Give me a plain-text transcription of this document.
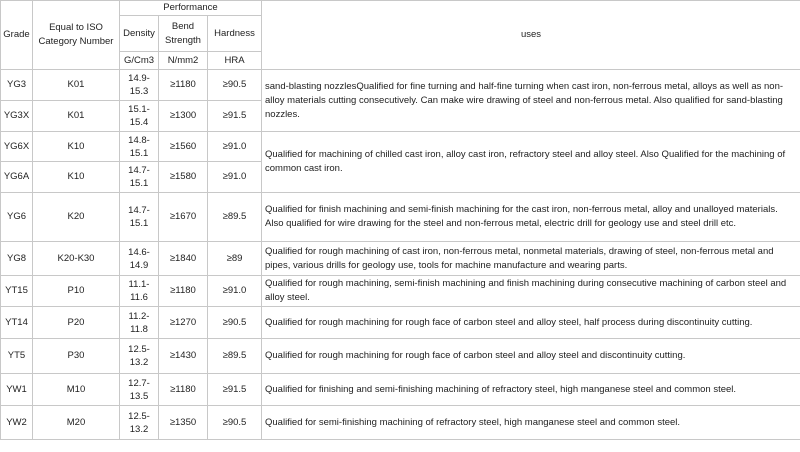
Grade	Equal to ISO Category Number	Performance			uses
		Density	Bend Strength	Hardness	
		G/Cm3	N/mm2	HRA	
YG3	K01	14.9-15.3	≥1180	≥90.5	sand-blasting nozzlesQualified for fine turning and half-fine turning when cast iron, non-ferrous metal, alloys as well as non-alloy materials cutting consecutively. Can make wire drawing of steel and non-ferrous metal. Also qualified for sand-blasting nozzles.
YG3X	K01	15.1-15.4	≥1300	≥91.5	
YG6X	K10	14.8-15.1	≥1560	≥91.0	Qualified for machining of chilled cast iron, alloy cast iron, refractory steel and alloy steel. Also Qualified for the machining of common cast iron.
YG6A	K10	14.7-15.1	≥1580	≥91.0	
YG6	K20	14.7-15.1	≥1670	≥89.5	Qualified for finish machining and semi-finish machining for the cast iron, non-ferrous metal, alloy and unalloyed materials. Also qualified for wire drawing for the steel and non-ferrous metal, electric drill for geology use and steel drill etc.
YG8	K20-K30	14.6-14.9	≥1840	≥89	Qualified for rough machining of cast iron, non-ferrous metal, nonmetal materials, drawing of steel, non-ferrous metal and pipes, various drills for geology use, tools for machine manufacture and wearing parts.
YT15	P10	11.1-11.6	≥1180	≥91.0	Qualified for rough machining, semi-finish machining and finish machining during consecutive machining of carbon steel and alloy steel.
YT14	P20	11.2-11.8	≥1270	≥90.5	Qualified for rough machining for rough face of carbon steel and alloy steel, half process during discontinuity cutting.
YT5	P30	12.5-13.2	≥1430	≥89.5	Qualified for rough machining for rough face of carbon steel and alloy steel and discontinuity cutting.
YW1	M10	12.7-13.5	≥1180	≥91.5	Qualified for finishing and semi-finishing machining of refractory steel, high manganese steel and common steel.
YW2	M20	12.5-13.2	≥1350	≥90.5	Qualified for semi-finishing machining of refractory steel, high manganese steel and common steel.
